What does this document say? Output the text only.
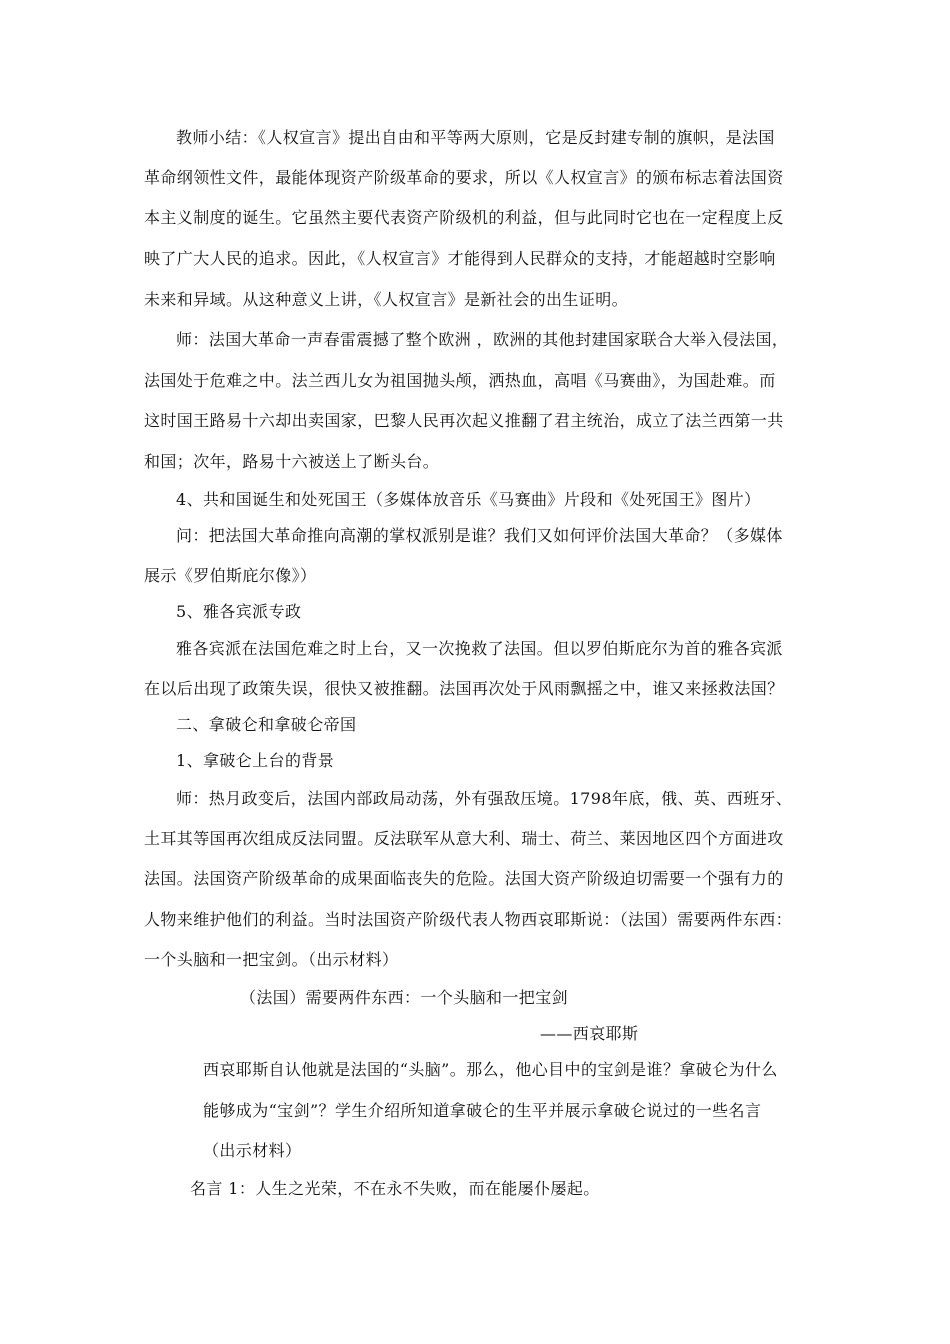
教师小结：《人权宣言》提出自由和平等两大原则，它是反封建专制的旗帜，是法国
革命纲领性文件，最能体现资产阶级革命的要求，所以《人权宣言》的颁布标志着法国资
本主义制度的诞生。它虽然主要代表资产阶级机的利益，但与此同时它也在一定程度上反
映了广大人民的追求。因此，《人权宣言》才能得到人民群众的支持，才能超越时空影响
未来和异域。从这种意义上讲，《人权宣言》是新社会的出生证明。
师：法国大革命一声春雷震撼了整个欧洲 ，欧洲的其他封建国家联合大举入侵法国，
法国处于危难之中。法兰西儿女为祖国抛头颅，洒热血，高唱《马赛曲》，为国赴难。而
这时国王路易十六却出卖国家，巴黎人民再次起义推翻了君主统治，成立了法兰西第一共
和国；次年，路易十六被送上了断头台。
4、共和国诞生和处死国王（多媒体放音乐《马赛曲》片段和《处死国王》图片）
问：把法国大革命推向高潮的掌权派别是谁？我们又如何评价法国大革命？（多媒体
展示《罗伯斯庇尔像》）
5、雅各宾派专政
雅各宾派在法国危难之时上台，又一次挽救了法国。但以罗伯斯庇尔为首的雅各宾派
在以后出现了政策失误，很快又被推翻。法国再次处于风雨飘摇之中，谁又来拯救法国？
二、拿破仑和拿破仑帝国
1、拿破仑上台的背景
师：热月政变后，法国内部政局动荡，外有强敌压境。1798年底，俄、英、西班牙、
土耳其等国再次组成反法同盟。反法联军从意大利、瑞士、荷兰、莱因地区四个方面进攻
法国。法国资产阶级革命的成果面临丧失的危险。法国大资产阶级迫切需要一个强有力的
人物来维护他们的利益。当时法国资产阶级代表人物西哀耶斯说：（法国）需要两件东西：
一个头脑和一把宝剑。（出示材料）
（法国）需要两件东西：一个头脑和一把宝剑
——西哀耶斯
西哀耶斯自认他就是法国的“头脑”。那么，他心目中的宝剑是谁？拿破仑为什么
能够成为“宝剑”？学生介绍所知道拿破仑的生平并展示拿破仑说过的一些名言
（出示材料）
名言 1：人生之光荣，不在永不失败，而在能屡仆屡起。
